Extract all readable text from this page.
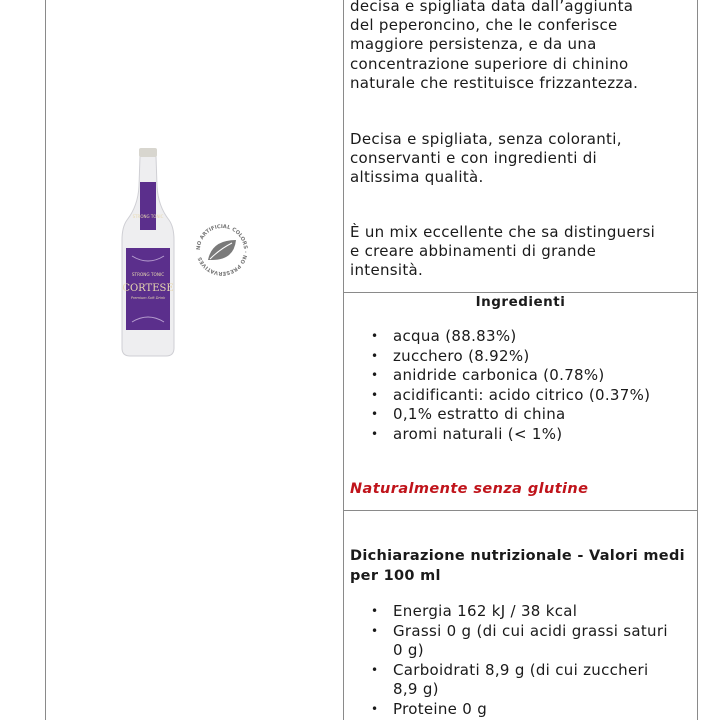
STRONG TONIC
STRONG TONIC
CORTESE
Premium Soft Drink
NO ARTIFICIAL COLORS · NO PRESERVATIVES
decisa e spigliata data dall’aggiunta
del peperoncino, che le conferisce
maggiore persistenza, e da una
concentrazione superiore di chinino
naturale che restituisce frizzantezza.
Decisa e spigliata, senza coloranti,
conservanti e con ingredienti di
altissima qualità.
È un mix eccellente che sa distinguersi
e creare abbinamenti di grande
intensità.
Ingredienti
• acqua (88.83%)
• zucchero (8.92%)
• anidride carbonica (0.78%)
• acidificanti: acido citrico (0.37%)
• 0,1% estratto di china
• aromi naturali (< 1%)
Naturalmente senza glutine
Dichiarazione nutrizionale - Valori medi
per 100 ml
• Energia 162 kJ / 38 kcal
• Grassi 0 g (di cui acidi grassi saturi
0 g)
• Carboidrati 8,9 g (di cui zuccheri
8,9 g)
• Proteine 0 g
